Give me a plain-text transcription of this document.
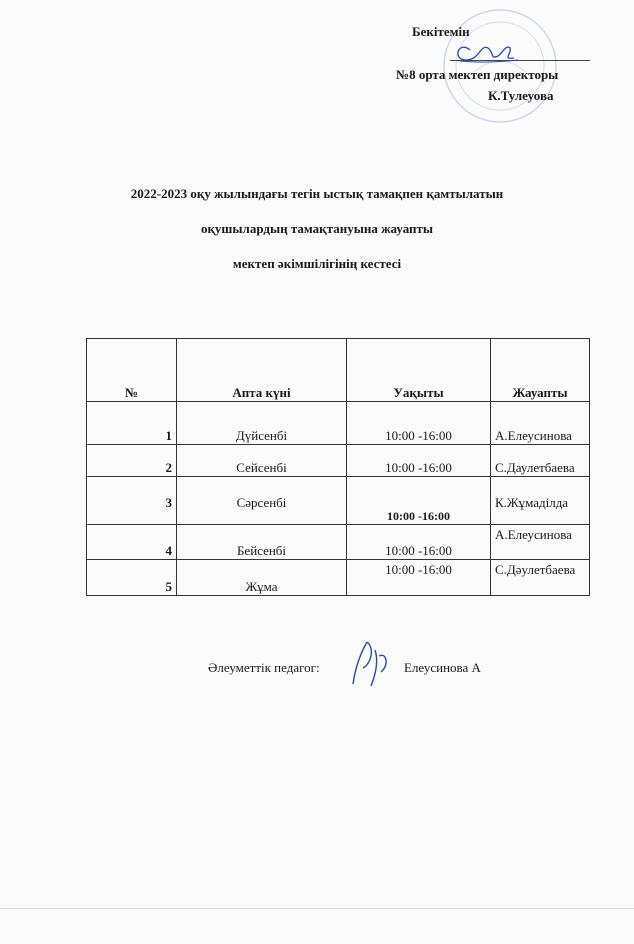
Бекітемін
№8 орта мектеп директоры
К.Тулеуова
2022-2023 оқу жылындағы тегін ыстық тамақпен қамтылатын
оқушылардың тамақтануына жауапты
мектеп әкімшілігінің кестесі
№	Апта күні	Уақыты	Жауапты
1	Дүйсенбі	10:00 -16:00	А.Елеусинова
2	Сейсенбі	10:00 -16:00	С.Даулетбаева
3	Сәрсенбі	10:00 -16:00	К.Жұмаділда
4	Бейсенбі	10:00 -16:00	А.Елеусинова
5	Жұма	10:00 -16:00	С.Дәулетбаева
Әлеуметтік педагог:	Елеусинова А
